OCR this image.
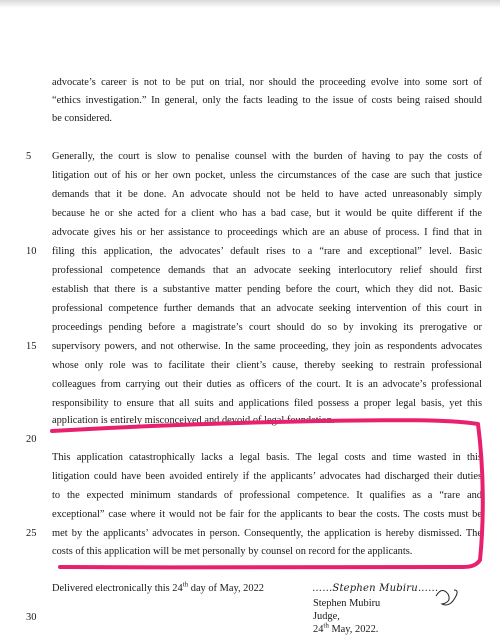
advocate’s career is not to be put on trial, nor should the proceeding evolve into some sort of
“ethics investigation.” In general, only the facts leading to the issue of costs being raised should
be considered.
Generally, the court is slow to penalise counsel with the burden of having to pay the costs of
litigation out of his or her own pocket, unless the circumstances of the case are such that justice
demands that it be done. An advocate should not be held to have acted unreasonably simply
because he or she acted for a client who has a bad case, but it would be quite different if the
advocate gives his or her assistance to proceedings which are an abuse of process. I find that in
filing this application, the advocates’ default rises to a “rare and exceptional” level. Basic
professional competence demands that an advocate seeking interlocutory relief should first
establish that there is a substantive matter pending before the court, which they did not. Basic
professional competence further demands that an advocate seeking intervention of this court in
proceedings pending before a magistrate’s court should do so by invoking its prerogative or
supervisory powers, and not otherwise. In the same proceeding, they join as respondents advocates
whose only role was to facilitate their client’s cause, thereby seeking to restrain professional
colleagues from carrying out their duties as officers of the court. It is an advocate’s professional
responsibility to ensure that all suits and applications filed possess a proper legal basis, yet this
application is entirely misconceived and devoid of legal foundation.
This application catastrophically lacks a legal basis. The legal costs and time wasted in this
litigation could have been avoided entirely if the applicants’ advocates had discharged their duties
to the expected minimum standards of professional competence. It qualifies as a “rare and
exceptional” case where it would not be fair for the applicants to bear the costs. The costs must be
met by the applicants’ advocates in person. Consequently, the application is hereby dismissed. The
costs of this application will be met personally by counsel on record for the applicants.
5
10
15
20
25
30
Delivered electronically this 24th day of May, 2022	……Stephen Mubiru……
Stephen Mubiru
Judge,
24th May, 2022.
